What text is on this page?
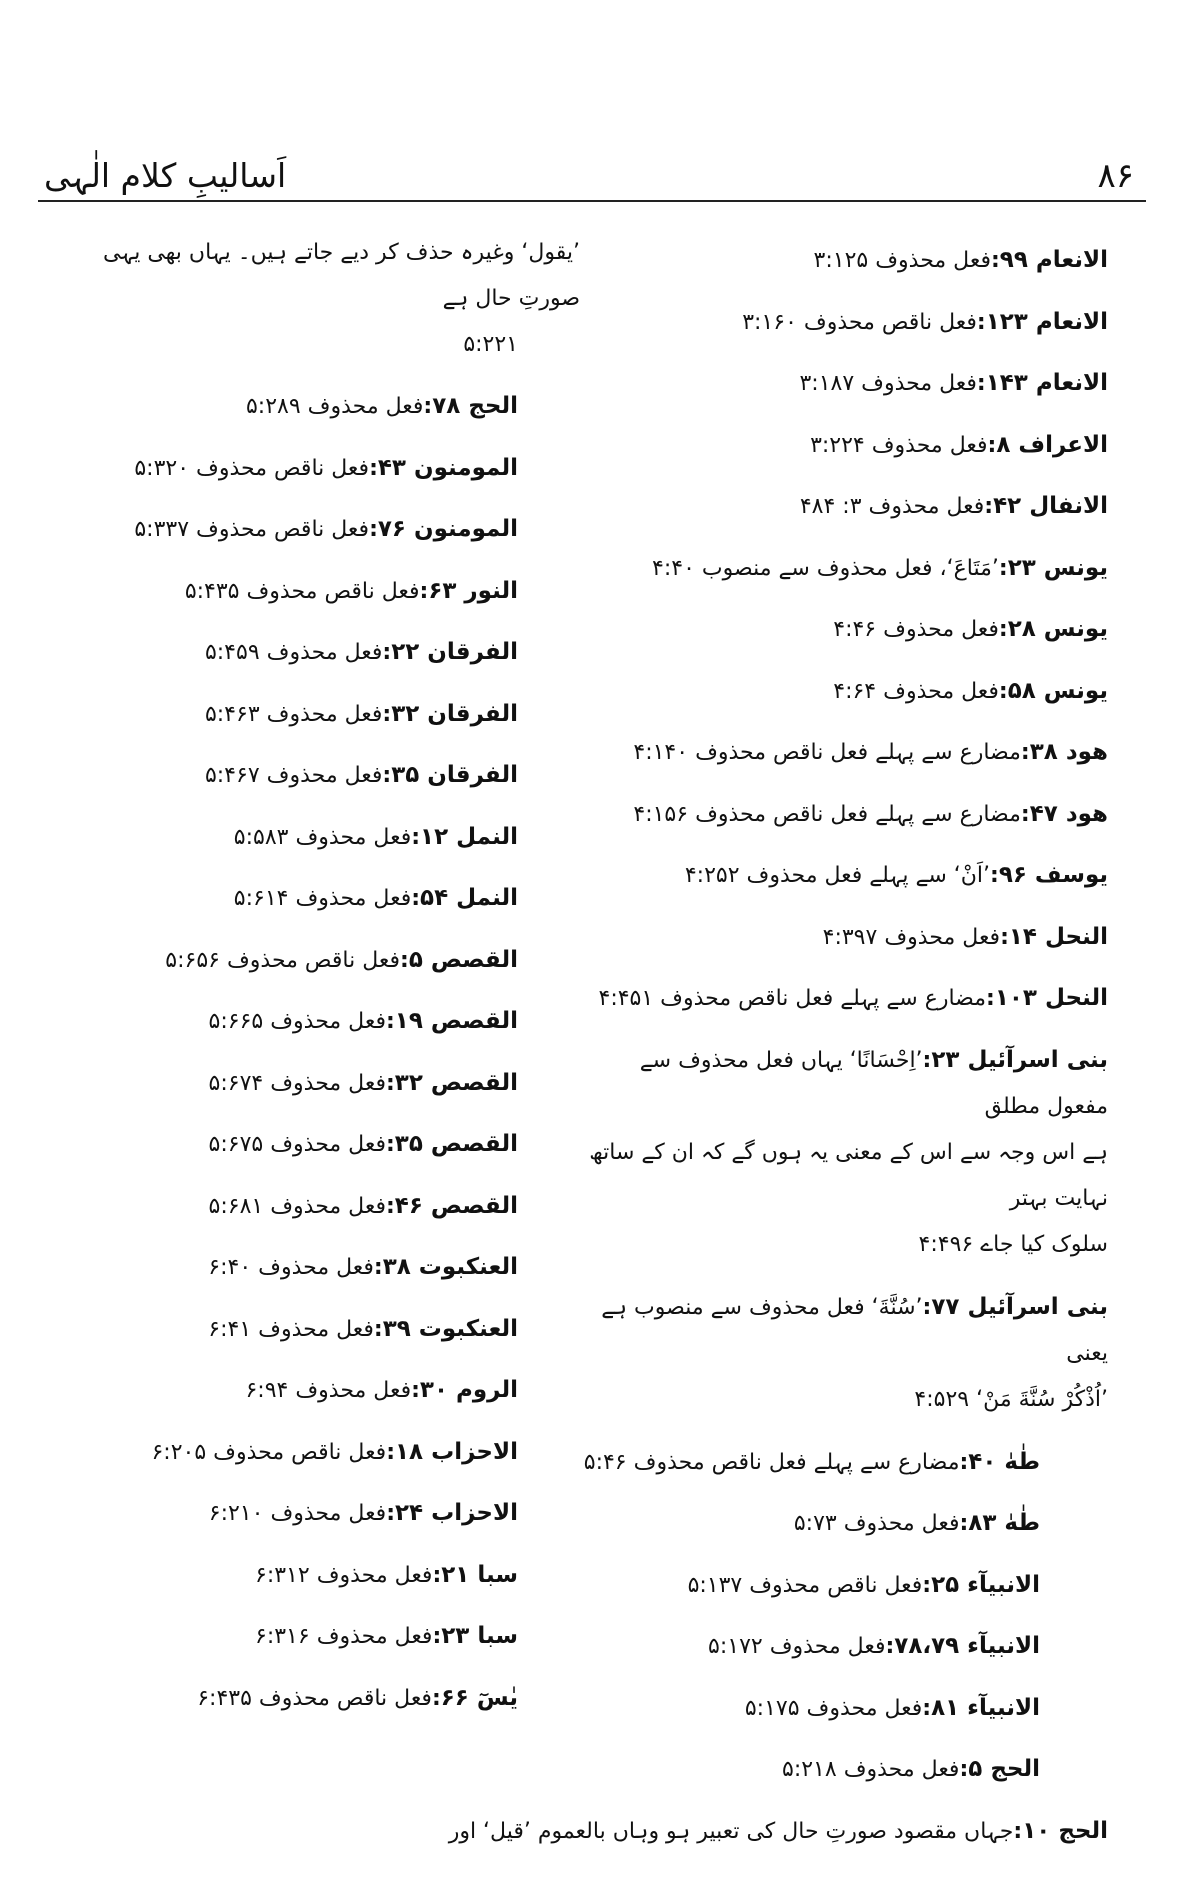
۸۶
اَسالیبِ کلام الٰہی
الانعام ۹۹:فعل محذوف ۳:۱۲۵
الانعام ۱۲۳:فعل ناقص محذوف ۳:۱۶۰
الانعام ۱۴۳:فعل محذوف ۳:۱۸۷
الاعراف ۸:فعل محذوف ۳:۲۲۴
الانفال ۴۲:فعل محذوف ۳: ۴۸۴
یونس ۲۳:’مَتَاعَ‘، فعل محذوف سے منصوب ۴:۴۰
یونس ۲۸:فعل محذوف ۴:۴۶
یونس ۵۸:فعل محذوف ۴:۶۴
هود ۳۸:مضارع سے پہلے فعل ناقص محذوف ۴:۱۴۰
هود ۴۷:مضارع سے پہلے فعل ناقص محذوف ۴:۱۵۶
یوسف ۹۶:’اَنْ‘ سے پہلے فعل محذوف ۴:۲۵۲
النحل ۱۴:فعل محذوف ۴:۳۹۷
النحل ۱۰۳:مضارع سے پہلے فعل ناقص محذوف ۴:۴۵۱
بنی اسرآئیل ۲۳:’اِحْسَانًا‘ یہاں فعل محذوف سے مفعول مطلق

ہے اس وجہ سے اس کے معنی یہ ہوں گے کہ ان کے ساتھ نہایت بہتر
سلوک کیا جاے ۴:۴۹۶
بنی اسرآئیل ۷۷:’سُنَّةَ‘ فعل محذوف سے منصوب ہے یعنی

’اُذْکُرْ سُنَّةَ مَنْ‘ ۴:۵۲۹
طٰهٰ ۴۰:مضارع سے پہلے فعل ناقص محذوف ۵:۴۶
طٰهٰ ۸۳:فعل محذوف ۵:۷۳
الانبیآء ۲۵:فعل ناقص محذوف ۵:۱۳۷
الانبیآء ۷۸،۷۹:فعل محذوف ۵:۱۷۲
الانبیآء ۸۱:فعل محذوف ۵:۱۷۵
الحج ۵:فعل محذوف ۵:۲۱۸
الحج ۱۰:جہاں مقصود صورتِ حال کی تعبیر ہو وہاں بالعموم ’قیل‘ اور
’یقول‘ وغیرہ حذف کر دیے جاتے ہیں۔ یہاں بھی یہی صورتِ حال ہے
۵:۲۲۱
الحج ۷۸:فعل محذوف ۵:۲۸۹
المومنون ۴۳:فعل ناقص محذوف ۵:۳۲۰
المومنون ۷۶:فعل ناقص محذوف ۵:۳۳۷
النور ۶۳:فعل ناقص محذوف ۵:۴۳۵
الفرقان ۲۲:فعل محذوف ۵:۴۵۹
الفرقان ۳۲:فعل محذوف ۵:۴۶۳
الفرقان ۳۵:فعل محذوف ۵:۴۶۷
النمل ۱۲:فعل محذوف ۵:۵۸۳
النمل ۵۴:فعل محذوف ۵:۶۱۴
القصص ۵:فعل ناقص محذوف ۵:۶۵۶
القصص ۱۹:فعل محذوف ۵:۶۶۵
القصص ۳۲:فعل محذوف ۵:۶۷۴
القصص ۳۵:فعل محذوف ۵:۶۷۵
القصص ۴۶:فعل محذوف ۵:۶۸۱
العنکبوت ۳۸:فعل محذوف ۶:۴۰
العنکبوت ۳۹:فعل محذوف ۶:۴۱
الروم ۳۰:فعل محذوف ۶:۹۴
الاحزاب ۱۸:فعل ناقص محذوف ۶:۲۰۵
الاحزاب ۲۴:فعل محذوف ۶:۲۱۰
سبا ۲۱:فعل محذوف ۶:۳۱۲
سبا ۲۳:فعل محذوف ۶:۳۱۶
یٰسٓ ۶۶:فعل ناقص محذوف ۶:۴۳۵
